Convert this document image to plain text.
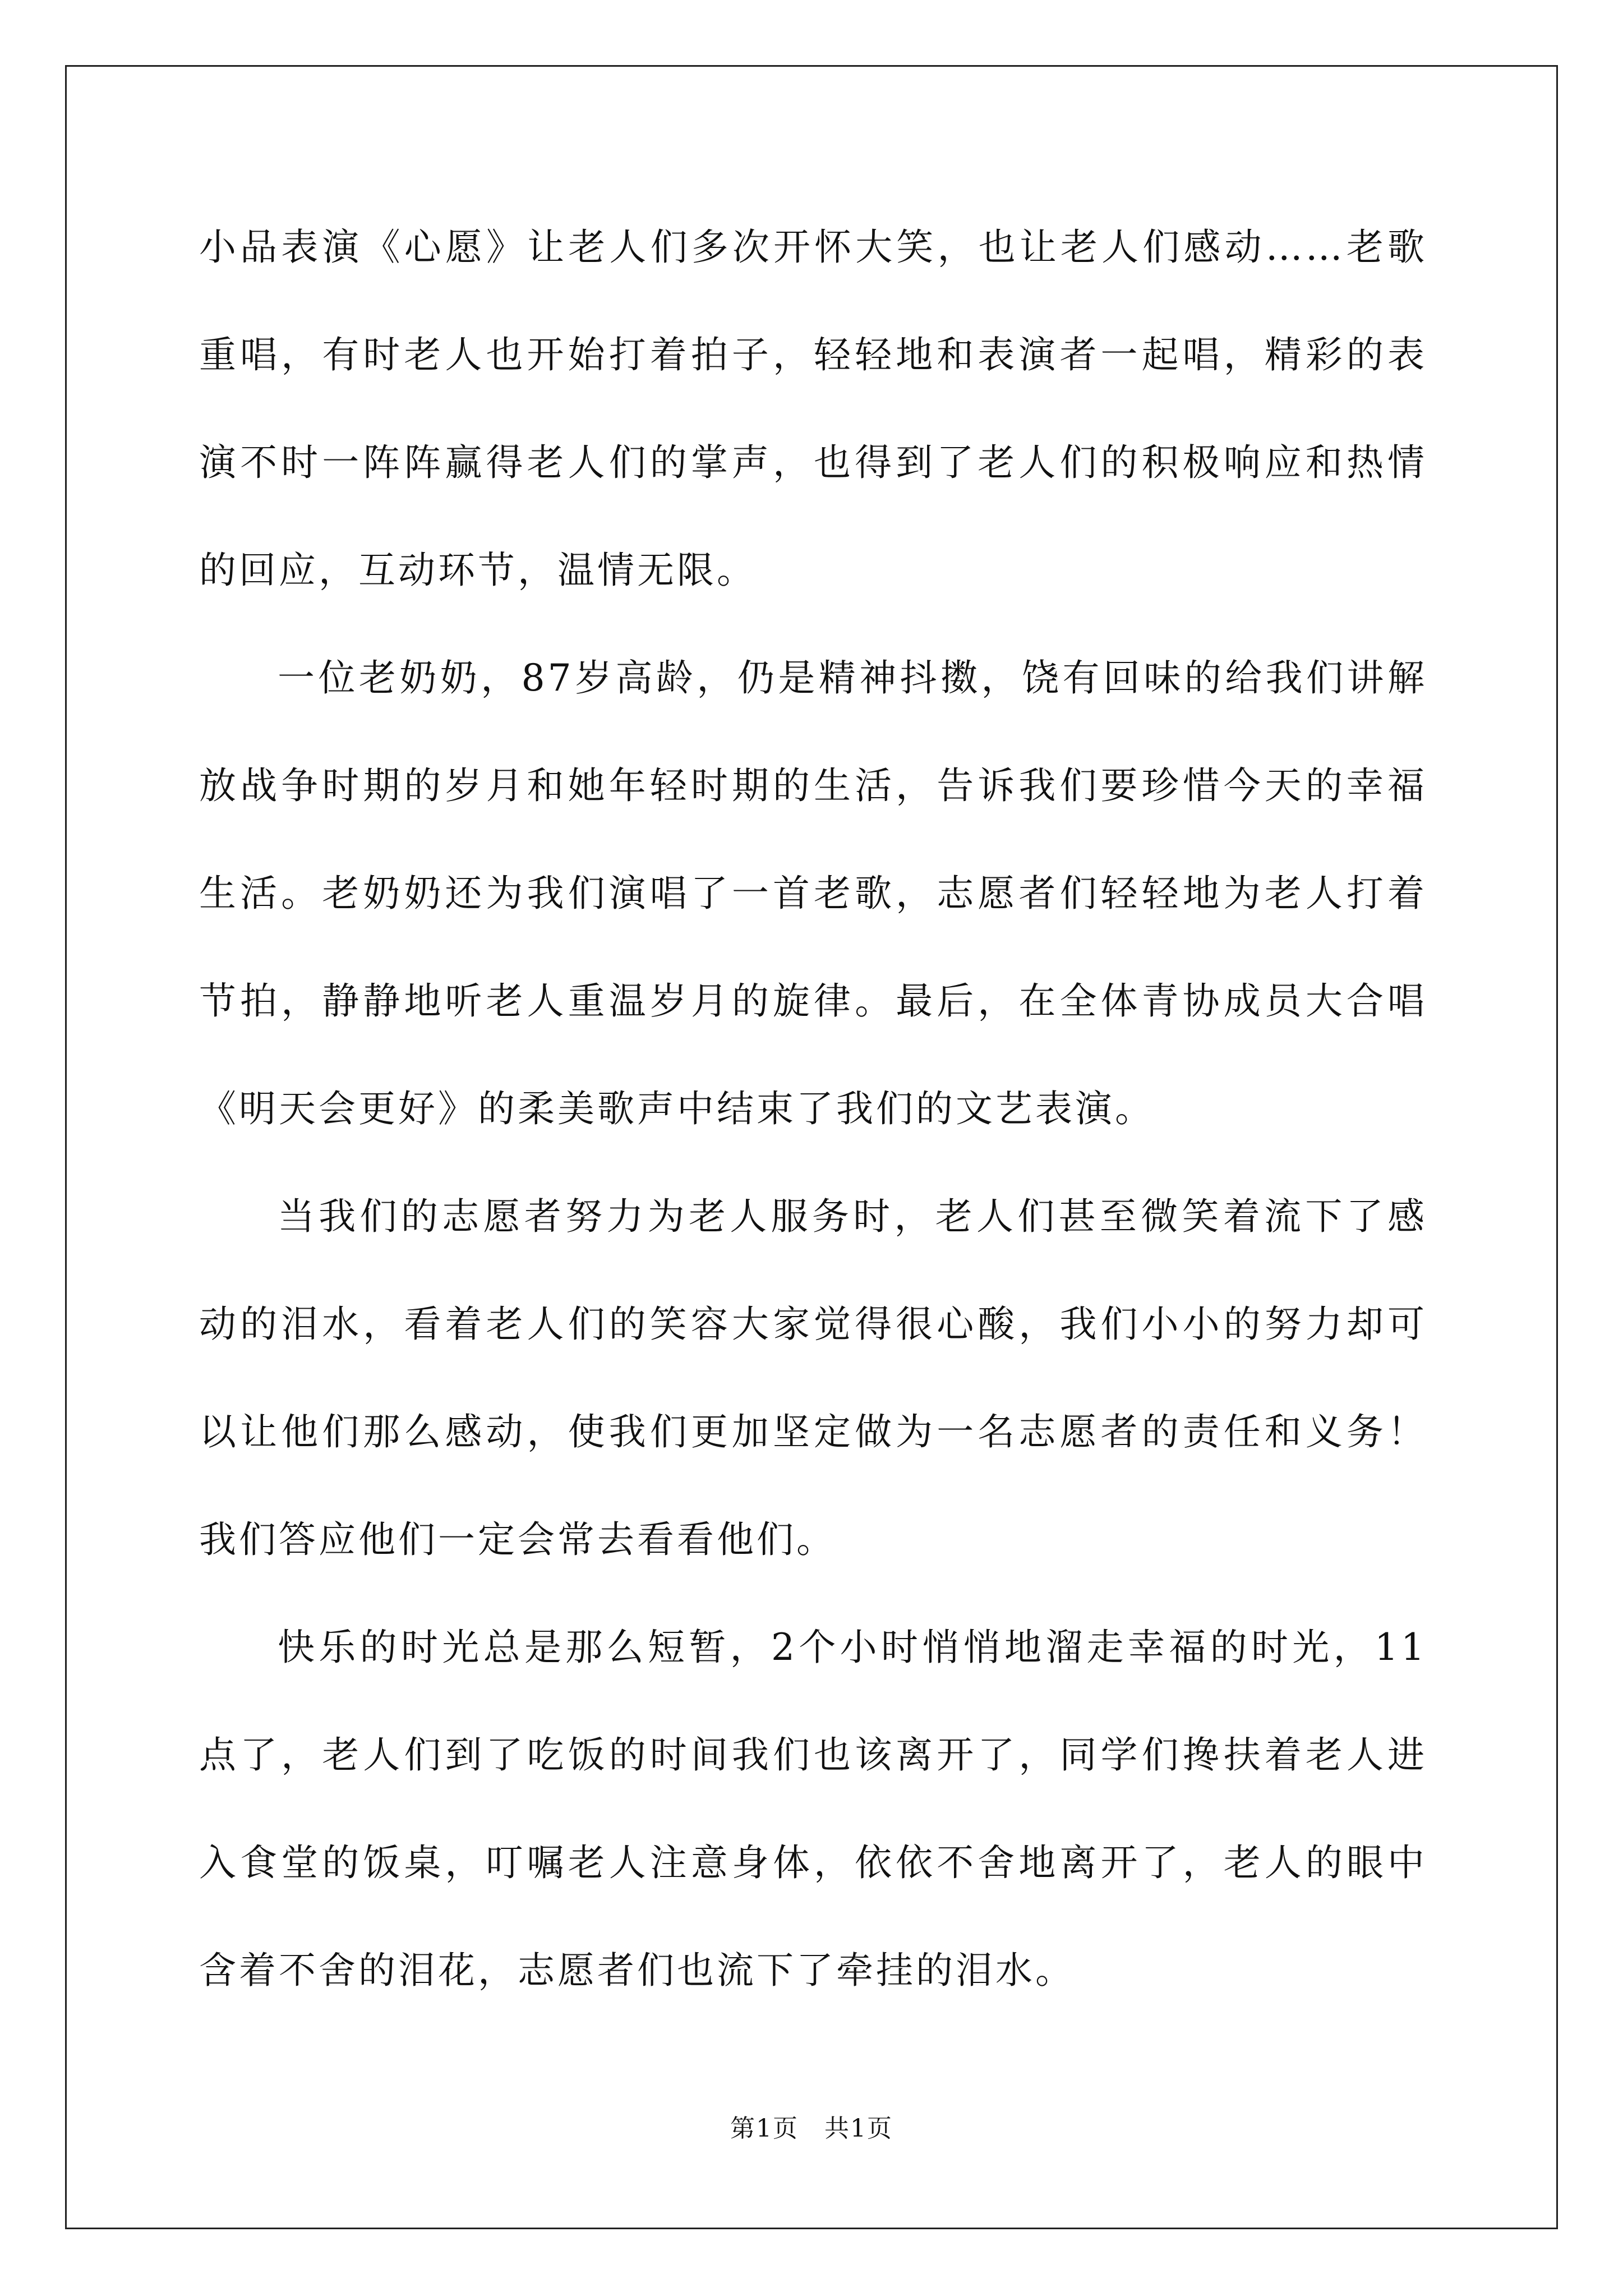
小品表演《心愿》让老人们多次开怀大笑，也让老人们感动……老歌重唱，有时老人也开始打着拍子，轻轻地和表演者一起唱，精彩的表演不时一阵阵赢得老人们的掌声，也得到了老人们的积极响应和热情的回应，互动环节，温情无限。

一位老奶奶，87岁高龄，仍是精神抖擞，饶有回味的给我们讲解放战争时期的岁月和她年轻时期的生活，告诉我们要珍惜今天的幸福生活。老奶奶还为我们演唱了一首老歌，志愿者们轻轻地为老人打着节拍，静静地听老人重温岁月的旋律。最后，在全体青协成员大合唱《明天会更好》的柔美歌声中结束了我们的文艺表演。

当我们的志愿者努力为老人服务时，老人们甚至微笑着流下了感动的泪水，看着老人们的笑容大家觉得很心酸，我们小小的努力却可以让他们那么感动，使我们更加坚定做为一名志愿者的责任和义务！我们答应他们一定会常去看看他们。

快乐的时光总是那么短暂，2个小时悄悄地溜走幸福的时光，11点了，老人们到了吃饭的时间我们也该离开了，同学们搀扶着老人进入食堂的饭桌，叮嘱老人注意身体，依依不舍地离开了，老人的眼中含着不舍的泪花，志愿者们也流下了牵挂的泪水。

第1页　共1页
